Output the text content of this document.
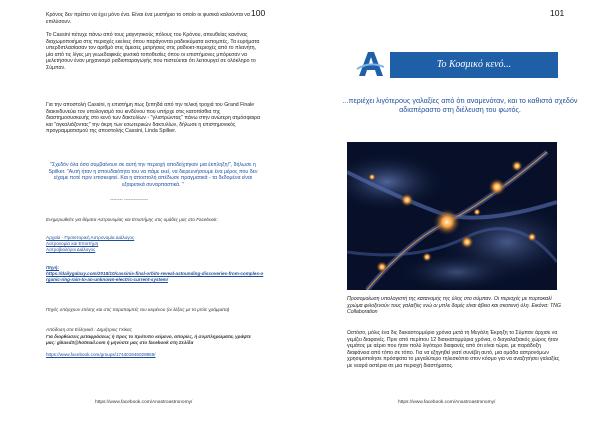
100
Κρόνος δεν πρέπει να έχει μόνο ένα. Είναι ένα μυστήριο το οποίο οι φυσικά καλούνται να επιλύσουν.
Το Cassini πέτυχε πάνω από τους μαγνητικούς πόλους του Κρόνου, απευθείας κανόνας διαχωμοποιήμα στις περιοχές εκείνες όπου παράγονται ραδιοκύματα εκπομπές. Τα ευρήματα υπερδιπλασίασαν τον αριθμό στις άμεσες μετρήσεις στις ραδιοκτ-περιοχές από το πλανήτη, μία από τις λίγες μη γεωεδαφικές φυσικά τοποθεσίες όπου οι επιστήμονες μπόρεσαν να μελετήσουν έναν μηχανισμό ραδιοπαραγωγής που πιστεύεται ότι λειτουργεί σε ολόκληρο το Σύμπαν.
Για την αποστολή Cassini, η επιστήμη πως ξεπηδά από την τελική τροχιά του Grand Finale διακινδυνεύει τον υπολογισμό του κινδύνου που υπήρχε στις κατοπίσθια της διαστημοσυσκευής στο κενό των δακτυλίων - "γλιστρώντας" πάνω στην ανώτερη ατμόσφαιρα και "αγκαλιάζοντας" την άκρη των εσωτερικών δακτυλίων, δήλωσε η επιστημονικός προγραμματισμού της αποστολής Cassini, Linda Spilker.
"Σχεδόν όλα όσα συμβαίνουν σε αυτή την περιοχή αποδείχτηκαν μια έκπληξη!", δήλωσε η Spilker. "Αυτή ήταν η σπουδαιότητα του να πάμε εκεί, να διερευνήσουμε ένα μέρος που δεν είχαμε ποτέ πριν επισκεφτεί. Και η αποστολή απέδωσε πραγματικά - τα δεδομένα είναι εξαιρετικά συναρπαστικά. "
-------- ---------------
Ενημερωθείτε για θέματα Αστρονομίας και Επιστήμης στις ομάδες μας στο Facebook:
Αρχαία - Προϊστορική Αστρονομία Διάλογος
Αστρονομία και Επιστήμη
Αστροβιολόγοι Διάλογος
Πηγή:
https://dailygalaxy.com/2018/10/cassinis-final-orbits-reveal-astounding-discoveries-from-complex-organic-ring-rain-to-an-unknown-electric-current-system/
Πηγές υπάρχουν επίσης και στις παραπομπές του κειμένου (οι λέξεις με τα μπλε γράμματα)
Απόδοση στα Ελληνικά : Δημήτριος Γκίκας
Για διορθώσεις μεταφράσεως ή προς το πρότυπο κείμενο, απορίες, ή συμπληρώματα, γράψτε μας: gikasd3@hotmail.com ή μηνύστε μας στο facebook στη Σελίδα
https://www.facebook.com/groups/174401846028959/
https://www.facebook.com/Anastroastronomy/
101
Το Κοσμικό κενό...
...περιέχει λιγότερους γαλαξίες από ότι αναμενόταν, και το καθιστά σχεδόν αδιαπέραστο στη διέλευση του φωτός.
Προσομοίωση υπολογιστή της κατανομής της ύλης στο σύμπαν. Οι περιοχές με πορτοκαλί χρώμα φιλοξενούν τους γαλαξίες ενώ οι μπλε δομές είναι άβειο και σκοτεινή ύλη. Εικόνα: TNG Collaboration
Ωστόσο, μόλις ένα δις διεκαστομμύριο χρόνια μετά τη Μεγάλη Έκρηξη το Σύμπαν άρχισε να γεμίζει διαφανές. Πριν από περίπου 12 δισεκατομμύρια χρόνια, ο διαγαλαξιακός χώρος ήταν γεμάτος με αέριο που ήταν πολύ λιγότερο διαφανές από ότι είναι τώρα, με παράδοξη διαφάνεια από τόπο σε τόπο. Για να εξηγηθεί γιατί συνέβη αυτό, μια ομάδα αστρονόμων χρησιμοποίησε πρόσφατα το μεγαλύτερο τηλεσκόπιο στον κόσμο για να αναζητήσει γαλαξίες με νεαρά αστέρια σε μια περιοχή διαστήματος.
https://www.facebook.com/Anastroastronomy/
